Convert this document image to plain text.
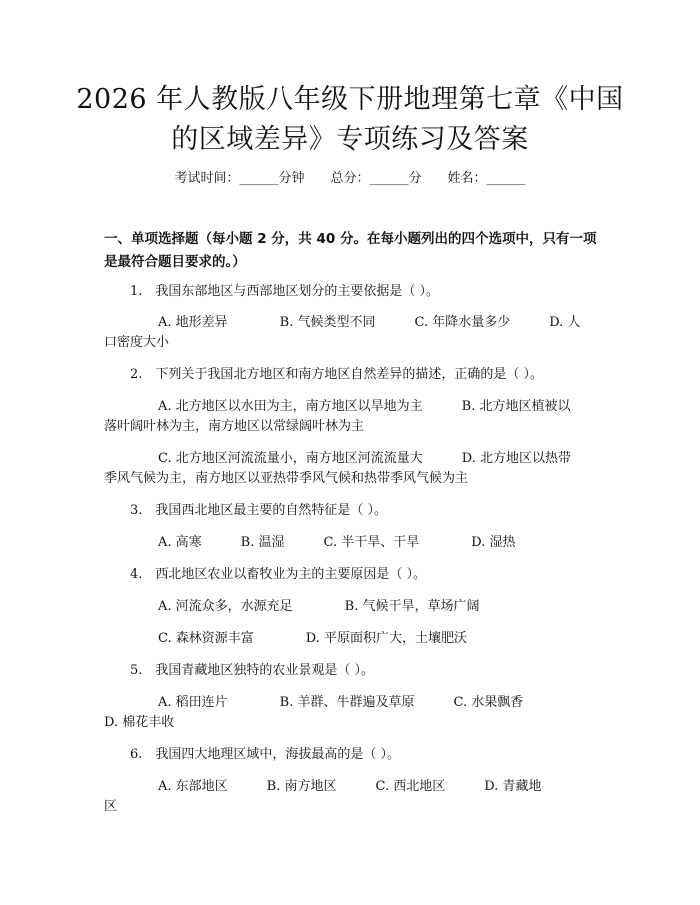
2026 年人教版八年级下册地理第七章《中国
的区域差异》专项练习及答案
考试时间：______分钟　　总分：______分　　姓名：______
一、单项选择题（每小题 2 分，共 40 分。在每小题列出的四个选项中，只有一项
是最符合题目要求的。）
1.　我国东部地区与西部地区划分的主要依据是（ ）。
A. 地形差异　　　　B. 气候类型不同　　　C. 年降水量多少　　　D. 人
口密度大小
2.　下列关于我国北方地区和南方地区自然差异的描述，正确的是（ ）。
A. 北方地区以水田为主，南方地区以旱地为主　　　B. 北方地区植被以
落叶阔叶林为主，南方地区以常绿阔叶林为主
C. 北方地区河流流量小，南方地区河流流量大　　　D. 北方地区以热带
季风气候为主，南方地区以亚热带季风气候和热带季风气候为主
3.　我国西北地区最主要的自然特征是（ ）。
A. 高寒　　　B. 温湿　　　C. 半干旱、干旱　　　　D. 湿热
4.　西北地区农业以畜牧业为主的主要原因是（ ）。
A. 河流众多，水源充足　　　　B. 气候干旱，草场广阔
C. 森林资源丰富　　　　D. 平原面积广大，土壤肥沃
5.　我国青藏地区独特的农业景观是（ ）。
A. 稻田连片　　　　B. 羊群、牛群遍及草原　　　C. 水果飘香
D. 棉花丰收
6.　我国四大地理区域中，海拔最高的是（ ）。
A. 东部地区　　　B. 南方地区　　　C. 西北地区　　　D. 青藏地
区
